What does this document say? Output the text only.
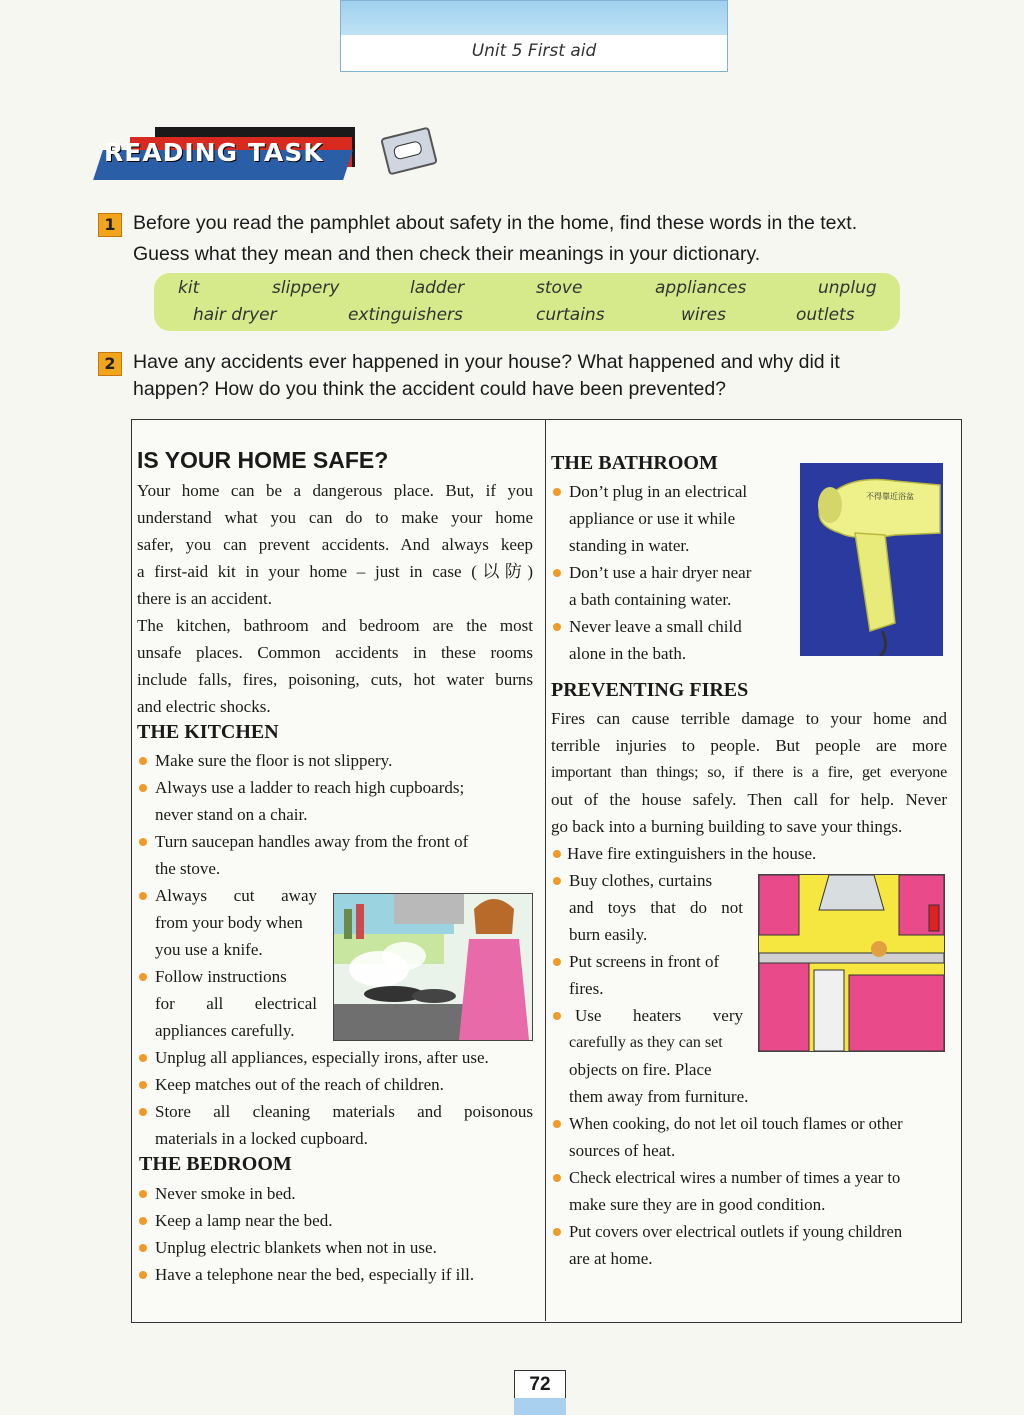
Unit 5 First aid
READING TASK
1 Before you read the pamphlet about safety in the home, find these words in the text.
Guess what they mean and then check their meanings in your dictionary.
kit	slippery	ladder	stove	appliances	unplug
hair dryer	extinguishers	curtains	wires	outlets
2 Have any accidents ever happened in your house? What happened and why did it
happen? How do you think the accident could have been prevented?
IS YOUR HOME SAFE?
Your home can be a dangerous place. But, if you
understand what you can do to make your home
safer, you can prevent accidents. And always keep
a first-aid kit in your home – just in case (以防)
there is an accident.
The kitchen, bathroom and bedroom are the most
unsafe places. Common accidents in these rooms
include falls, fires, poisoning, cuts, hot water burns
and electric shocks.
THE KITCHEN
Make sure the floor is not slippery.
Always use a ladder to reach high cupboards;
never stand on a chair.
Turn saucepan handles away from the front of
the stove.
Always cut away
from your body when
you use a knife.
Follow instructions
for all electrical
appliances carefully.
Unplug all appliances, especially irons, after use.
Keep matches out of the reach of children.
Store all cleaning materials and poisonous
materials in a locked cupboard.
THE BEDROOM
Never smoke in bed.
Keep a lamp near the bed.
Unplug electric blankets when not in use.
Have a telephone near the bed, especially if ill.
THE BATHROOM
Don’t plug in an electrical
appliance or use it while
standing in water.
Don’t use a hair dryer near
a bath containing water.
Never leave a small child
alone in the bath.
不得靠近浴盆
PREVENTING FIRES
Fires can cause terrible damage to your home and
terrible injuries to people. But people are more
important than things; so, if there is a fire, get everyone
out of the house safely. Then call for help. Never
go back into a burning building to save your things.
Have fire extinguishers in the house.
Buy clothes, curtains
and toys that do not
burn easily.
Put screens in front of
fires.
Use heaters very
carefully as they can set
objects on fire. Place
them away from furniture.
When cooking, do not let oil touch flames or other
sources of heat.
Check electrical wires a number of times a year to
make sure they are in good condition.
Put covers over electrical outlets if young children
are at home.
72
